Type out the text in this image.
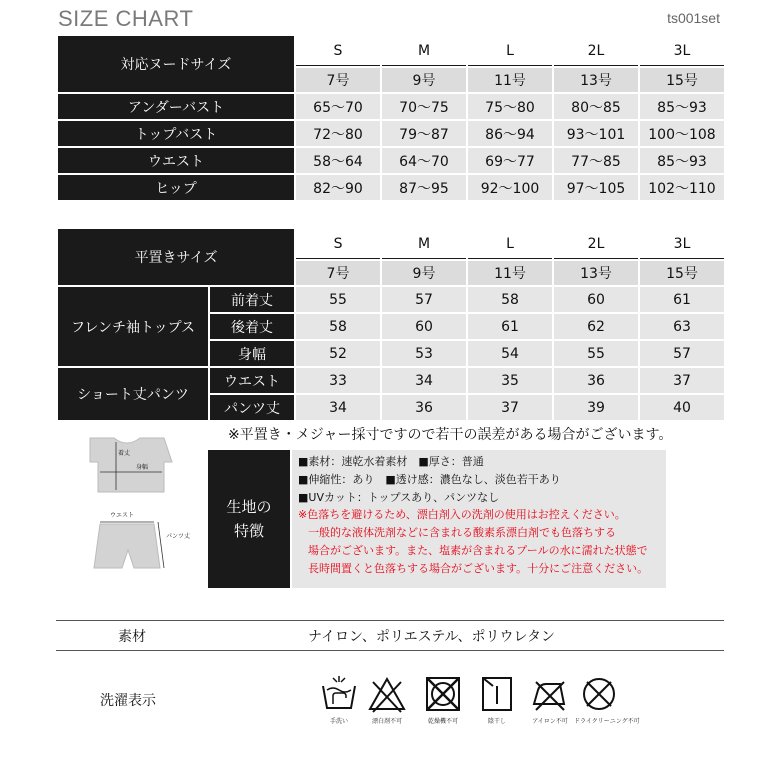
SIZE CHART	ts001set
対応ヌードサイズ	S	M	L	2L	3L
	7号	9号	11号	13号	15号
アンダーバスト	65〜70	70〜75	75〜80	80〜85	85〜93
トップバスト	72〜80	79〜87	86〜94	93〜101	100〜108
ウエスト	58〜64	64〜70	69〜77	77〜85	85〜93
ヒップ	82〜90	87〜95	92〜100	97〜105	102〜110
平置きサイズ		S	M	L	2L	3L
		7号	9号	11号	13号	15号
フレンチ袖トップス	前着丈	55	57	58	60	61
	後着丈	58	60	61	62	63
	身幅	52	53	54	55	57
ショート丈パンツ	ウエスト	33	34	35	36	37
	パンツ丈	34	36	37	39	40
※平置き・メジャー採寸ですので若干の誤差がある場合がございます。
着丈
身幅
ウエスト
パンツ丈
生地の
特徴
■素材：速乾水着素材　■厚さ：普通
■伸縮性：あり　■透け感：濃色なし、淡色若干あり
■UVカット：トップスあり、パンツなし
※色落ちを避けるため、漂白剤入の洗剤の使用はお控えください。
一般的な液体洗剤などに含まれる酸素系漂白剤でも色落ちする
場合がございます。また、塩素が含まれるプールの水に濡れた状態で
長時間置くと色落ちする場合がございます。十分にご注意ください。
素材	ナイロン、ポリエステル、ポリウレタン
洗濯表示
手洗い	漂白剤不可	乾燥機不可	陰干し	アイロン不可	ドライクリーニング不可
